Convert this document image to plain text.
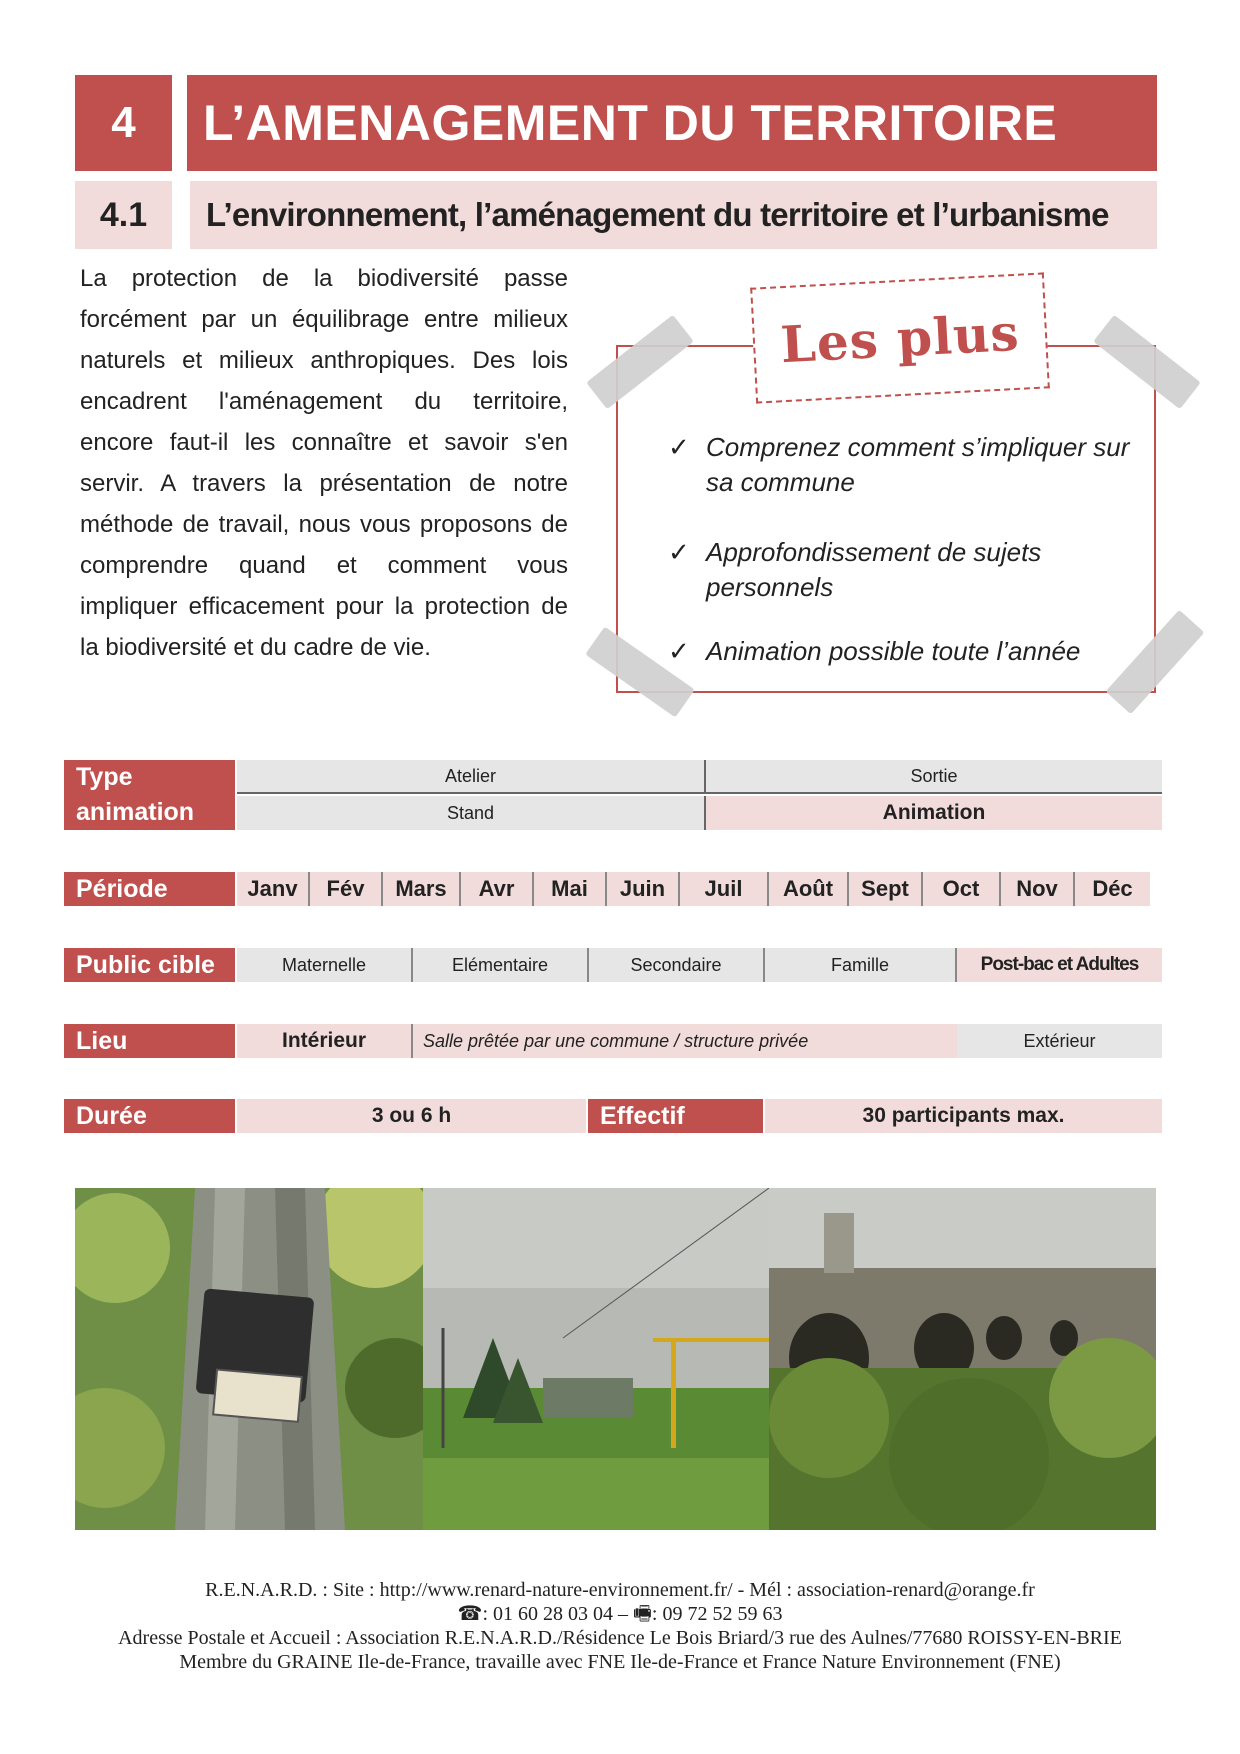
4	L’AMENAGEMENT DU TERRITOIRE
4.1	L’environnement, l’aménagement du territoire et l’urbanisme
La protection de la biodiversité passe forcément par un équilibrage entre milieux naturels et milieux anthropiques. Des lois encadrent l'aménagement du territoire, encore faut-il les connaître et savoir s'en servir. A travers la présentation de notre méthode de travail, nous vous proposons de comprendre quand et comment vous impliquer efficacement pour la protection de la biodiversité et du cadre de vie.
Les plus
✓ Comprenez comment s’impliquer sur sa commune
✓ Approfondissement de sujets personnels
✓ Animation possible toute l’année
Type animation
Atelier	Sortie
Stand	Animation
Période	Janv	Fév	Mars	Avr	Mai	Juin	Juil	Août	Sept	Oct	Nov	Déc
Public cible	Maternelle	Elémentaire	Secondaire	Famille	Post-bac et Adultes
Lieu	Intérieur	Salle prêtée par une commune / structure privée	Extérieur
Durée	3 ou 6 h	Effectif	30 participants max.
R.E.N.A.R.D. : Site : http://www.renard-nature-environnement.fr/ - Mél : association-renard@orange.fr
☎: 01 60 28 03 04 – 🖷: 09 72 52 59 63
Adresse Postale et Accueil : Association R.E.N.A.R.D./Résidence Le Bois Briard/3 rue des Aulnes/77680 ROISSY-EN-BRIE
Membre du GRAINE Ile-de-France, travaille avec FNE Ile-de-France et France Nature Environnement (FNE)
